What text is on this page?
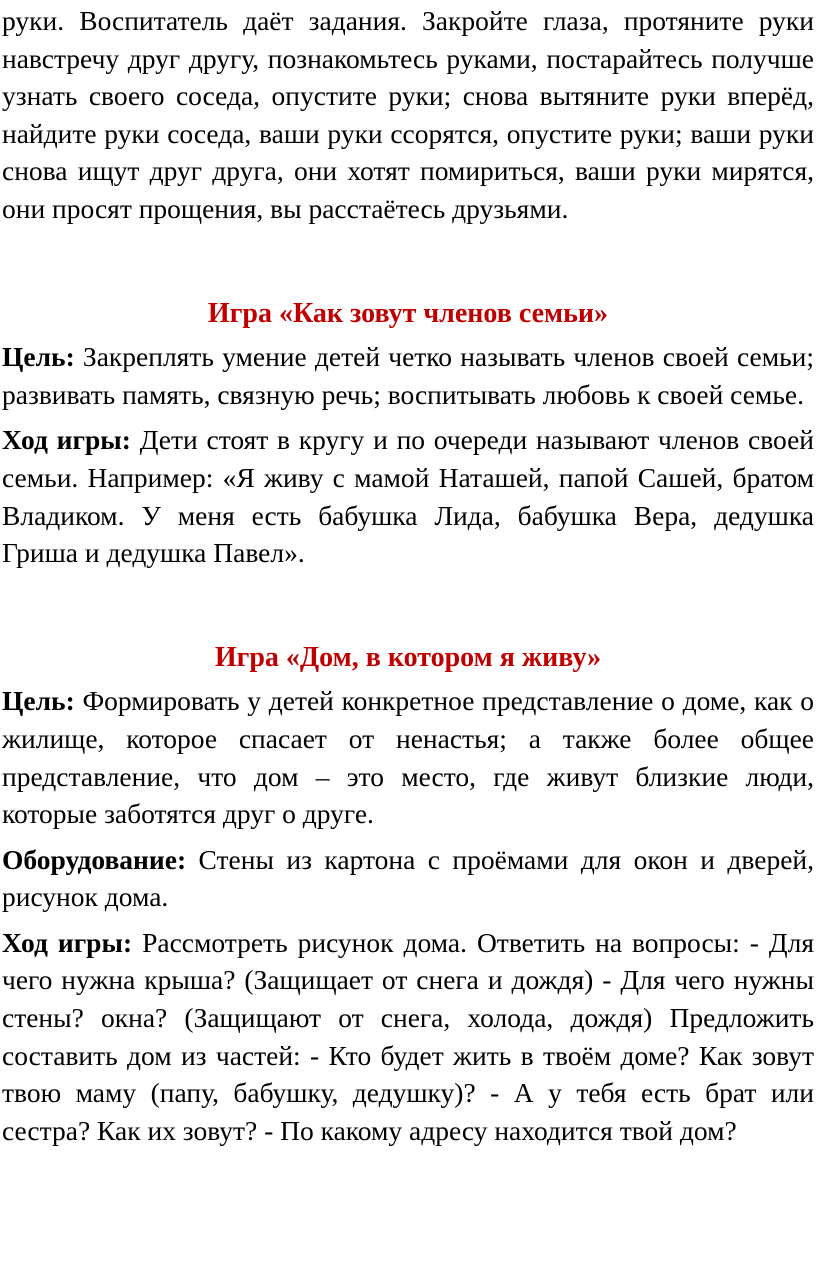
руки. Воспитатель даёт задания. Закройте глаза, протяните руки навстречу друг другу, познакомьтесь руками, постарайтесь получше узнать своего соседа, опустите руки; снова вытяните руки вперёд, найдите руки соседа, ваши руки ссорятся, опустите руки; ваши руки снова ищут друг друга, они хотят помириться, ваши руки мирятся, они просят прощения, вы расстаётесь друзьями.

Игра «Как зовут членов семьи»

Цель: Закреплять умение детей четко называть членов своей семьи; развивать память, связную речь; воспитывать любовь к своей семье.

Ход игры: Дети стоят в кругу и по очереди называют членов своей семьи. Например: «Я живу с мамой Наташей, папой Сашей, братом Владиком. У меня есть бабушка Лида, бабушка Вера, дедушка Гриша и дедушка Павел».

Игра «Дом, в котором я живу»

Цель: Формировать у детей конкретное представление о доме, как о жилище, которое спасает от ненастья; а также более общее представление, что дом – это место, где живут близкие люди, которые заботятся друг о друге.

Оборудование: Стены из картона с проёмами для окон и дверей, рисунок дома.

Ход игры: Рассмотреть рисунок дома. Ответить на вопросы: - Для чего нужна крыша? (Защищает от снега и дождя) - Для чего нужны стены? окна? (Защищают от снега, холода, дождя) Предложить составить дом из частей: - Кто будет жить в твоём доме? Как зовут твою маму (папу, бабушку, дедушку)? - А у тебя есть брат или сестра? Как их зовут? - По какому адресу находится твой дом?
